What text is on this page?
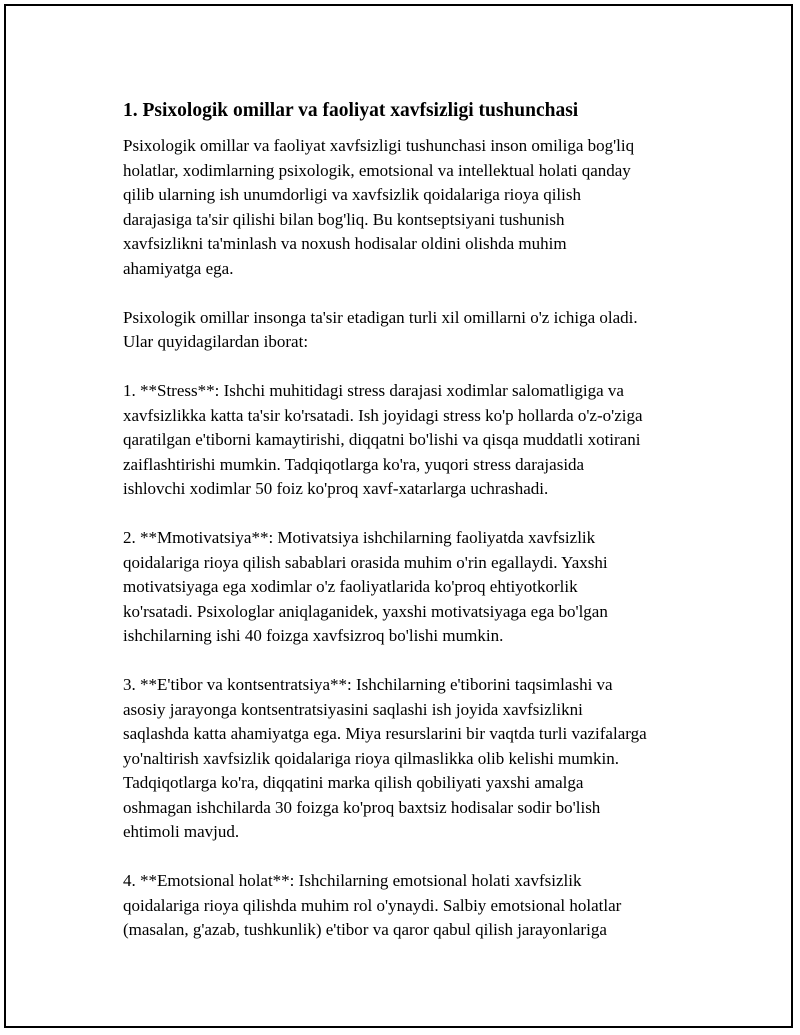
1. Psixologik omillar va faoliyat xavfsizligi tushunchasi

Psixologik omillar va faoliyat xavfsizligi tushunchasi inson omiliga bog'liq
holatlar, xodimlarning psixologik, emotsional va intellektual holati qanday
qilib ularning ish unumdorligi va xavfsizlik qoidalariga rioya qilish
darajasiga ta'sir qilishi bilan bog'liq. Bu kontseptsiyani tushunish
xavfsizlikni ta'minlash va noxush hodisalar oldini olishda muhim
ahamiyatga ega.

Psixologik omillar insonga ta'sir etadigan turli xil omillarni o'z ichiga oladi.
Ular quyidagilardan iborat:

1. **Stress**: Ishchi muhitidagi stress darajasi xodimlar salomatligiga va
xavfsizlikka katta ta'sir ko'rsatadi. Ish joyidagi stress ko'p hollarda o'z-o'ziga
qaratilgan e'tiborni kamaytirishi, diqqatni bo'lishi va qisqa muddatli xotirani
zaiflashtirishi mumkin. Tadqiqotlarga ko'ra, yuqori stress darajasida
ishlovchi xodimlar 50 foiz ko'proq xavf-xatarlarga uchrashadi.

2. **Mmotivatsiya**: Motivatsiya ishchilarning faoliyatda xavfsizlik
qoidalariga rioya qilish sabablari orasida muhim o'rin egallaydi. Yaxshi
motivatsiyaga ega xodimlar o'z faoliyatlarida ko'proq ehtiyotkorlik
ko'rsatadi. Psixologlar aniqlaganidek, yaxshi motivatsiyaga ega bo'lgan
ishchilarning ishi 40 foizga xavfsizroq bo'lishi mumkin.

3. **E'tibor va kontsentratsiya**: Ishchilarning e'tiborini taqsimlashi va
asosiy jarayonga kontsentratsiyasini saqlashi ish joyida xavfsizlikni
saqlashda katta ahamiyatga ega. Miya resurslarini bir vaqtda turli vazifalarga
yo'naltirish xavfsizlik qoidalariga rioya qilmaslikka olib kelishi mumkin.
Tadqiqotlarga ko'ra, diqqatini marka qilish qobiliyati yaxshi amalga
oshmagan ishchilarda 30 foizga ko'proq baxtsiz hodisalar sodir bo'lish
ehtimoli mavjud.

4. **Emotsional holat**: Ishchilarning emotsional holati xavfsizlik
qoidalariga rioya qilishda muhim rol o'ynaydi. Salbiy emotsional holatlar
(masalan, g'azab, tushkunlik) e'tibor va qaror qabul qilish jarayonlariga
